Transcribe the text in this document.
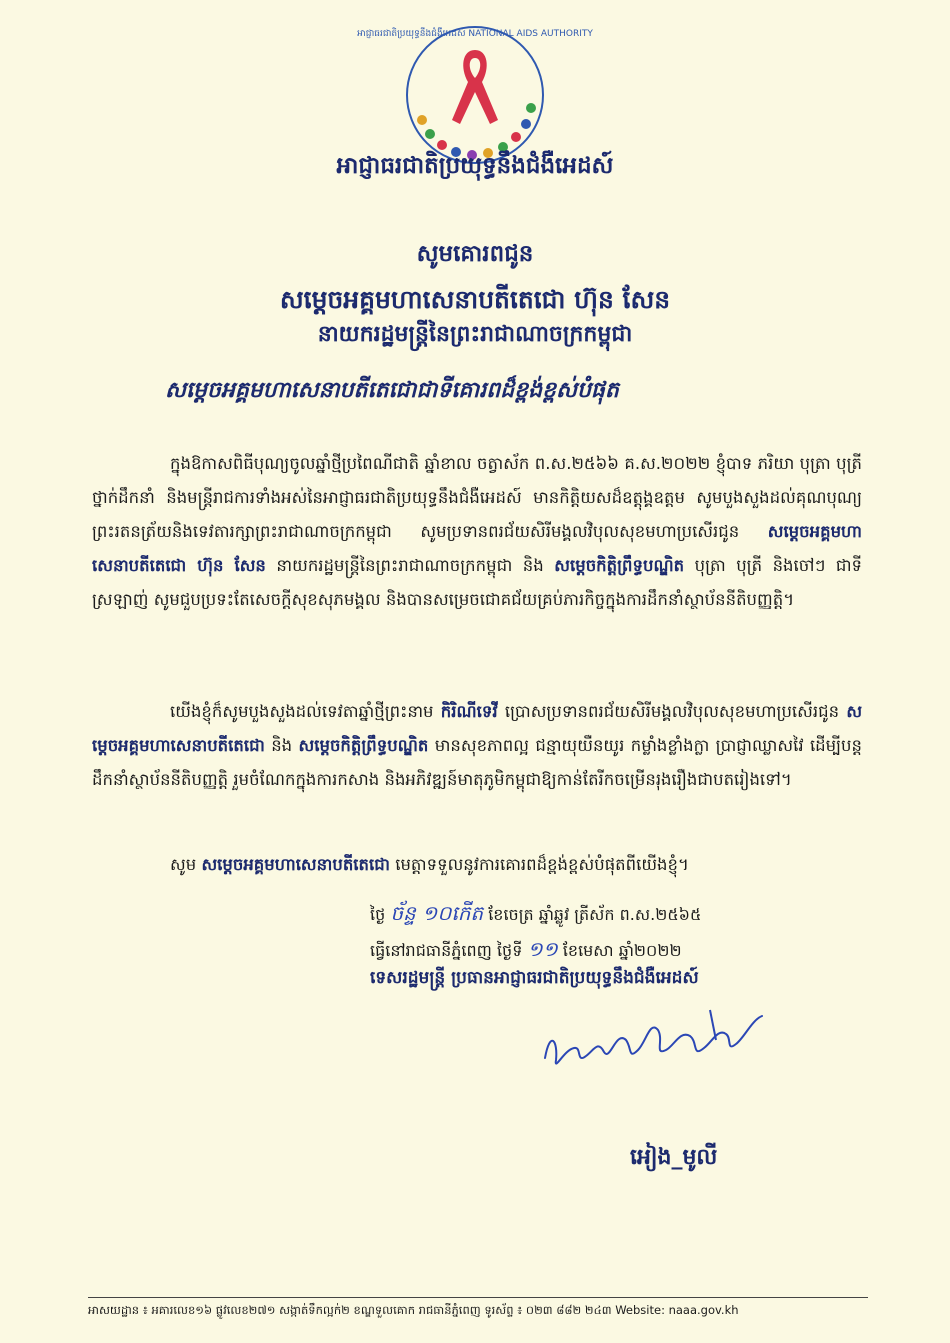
អាជ្ញាធរជាតិប្រយុទ្ធនឹងជំងឺអេដស៍ NATIONAL AIDS AUTHORITY
អាជ្ញាធរជាតិប្រយុទ្ធនឹងជំងឺអេដស៍
សូមគោរពជូន
សម្តេចអគ្គមហាសេនាបតីតេជោ ហ៊ុន សែន
នាយករដ្ឋមន្ត្រីនៃព្រះរាជាណាចក្រកម្ពុជា
សម្តេចអគ្គមហាសេនាបតីតេជោជាទីគោរពដ៏ខ្ពង់ខ្ពស់បំផុត
ក្នុងឱកាសពិធីបុណ្យចូលឆ្នាំថ្មីប្រពៃណីជាតិ ឆ្នាំខាល ចត្វាស័ក ព.ស.២៥៦៦ គ.ស.២០២២ ខ្ញុំបាទ ភរិយា បុត្រា បុត្រី ថ្នាក់ដឹកនាំ និងមន្ត្រីរាជការទាំងអស់នៃអាជ្ញាធរជាតិប្រយុទ្ធនឹងជំងឺអេដស៍ មានកិត្តិយសដ៏ឧត្តុង្គឧត្តម សូមបួងសួងដល់គុណបុណ្យព្រះរតនត្រ័យនិងទេវតារក្សាព្រះរាជាណាចក្រកម្ពុជា សូមប្រទានពរជ័យសិរីមង្គលវិបុលសុខមហាប្រសើរជូន សម្តេចអគ្គមហាសេនាបតីតេជោ ហ៊ុន សែន នាយករដ្ឋមន្ត្រីនៃព្រះរាជាណាចក្រកម្ពុជា និង សម្តេចកិត្តិព្រឹទ្ធបណ្ឌិត បុត្រា បុត្រី និងចៅៗ ជាទីស្រឡាញ់ សូមជួបប្រទះតែសេចក្តីសុខសុភមង្គល និងបានសម្រេចជោគជ័យគ្រប់ភារកិច្ចក្នុងការដឹកនាំស្ថាប័ននីតិបញ្ញត្តិ។
យើងខ្ញុំក៏សូមបួងសួងដល់ទេវតាឆ្នាំថ្មីព្រះនាម កិរិណីទេវី ប្រោសប្រទានពរជ័យសិរីមង្គលវិបុលសុខមហាប្រសើរជូន សម្តេចអគ្គមហាសេនាបតីតេជោ និង សម្តេចកិត្តិព្រឹទ្ធបណ្ឌិត មានសុខភាពល្អ ជន្មាយុយឺនយូរ កម្លាំងខ្លាំងក្លា ប្រាជ្ញាឈ្លាសវៃ ដើម្បីបន្តដឹកនាំស្ថាប័ននីតិបញ្ញត្តិ រួមចំណែកក្នុងការកសាង និងអភិវឌ្ឍន៍មាតុភូមិកម្ពុជាឱ្យកាន់តែរីកចម្រើនរុងរឿងជាបតរៀងទៅ។
សូម សម្តេចអគ្គមហាសេនាបតីតេជោ មេត្តាទទួលនូវការគោរពដ៏ខ្ពង់ខ្ពស់បំផុតពីយើងខ្ញុំ។
ថ្ងៃ ច័ន្ទ ១០កើត ខែចេត្រ ឆ្នាំឆ្លូវ ត្រីស័ក ព.ស.២៥៦៥
ធ្វើនៅរាជធានីភ្នំពេញ ថ្ងៃទី ១១ ខែមេសា ឆ្នាំ២០២២
ទេសរដ្ឋមន្ត្រី ប្រធានអាជ្ញាធរជាតិប្រយុទ្ធនឹងជំងឺអេដស៍
អៀង_មូលី
អាសយដ្ឋាន ៖ អគារលេខ១៦ ផ្លូវលេខ២៧១ សង្កាត់ទឹកល្អក់២ ខណ្ឌទួលគោក រាជធានីភ្នំពេញ ទូរស័ព្ទ ៖ ០២៣ ៨៨២ ២៤៣ Website: naaa.gov.kh
